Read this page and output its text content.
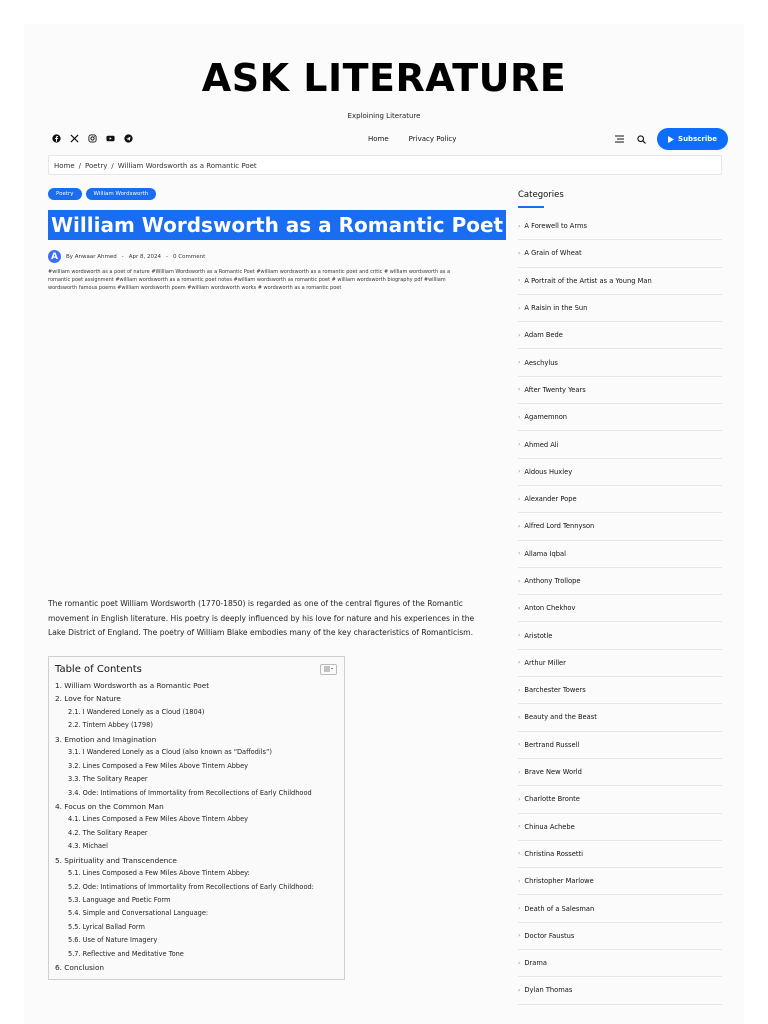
ASK LITERATURE
Exploining Literature
Home	Privacy Policy	Subscribe
Home / Poetry / William Wordsworth as a Romantic Poet
Poetry	William Wordsworth
William Wordsworth as a Romantic Poet
A	By Anwaar Ahmed - Apr 8, 2024 - 0 Comment
#william wordsworth as a poet of nature #William Wordsworth as a Romantic Poet #william wordsworth as a romantic poet and critic # william wordsworth as a romantic poet assignment #william wordsworth as a romantic poet notes #william wordsworth as romantic poet # william wordsworth biography pdf #william wordsworth famous poems #william wordsworth poem #william wordsworth works # wordsworth as a romantic poet
The romantic poet William Wordsworth (1770-1850) is regarded as one of the central figures of the Romantic movement in English literature. His poetry is deeply influenced by his love for nature and his experiences in the Lake District of England. The poetry of William Blake embodies many of the key characteristics of Romanticism.
Table of Contents
1. William Wordsworth as a Romantic Poet
2. Love for Nature
2.1. I Wandered Lonely as a Cloud (1804)
2.2. Tintern Abbey (1798)
3. Emotion and Imagination
3.1. I Wandered Lonely as a Cloud (also known as “Daffodils”)
3.2. Lines Composed a Few Miles Above Tintern Abbey
3.3. The Solitary Reaper
3.4. Ode: Intimations of Immortality from Recollections of Early Childhood
4. Focus on the Common Man
4.1. Lines Composed a Few Miles Above Tintern Abbey
4.2. The Solitary Reaper
4.3. Michael
5. Spirituality and Transcendence
5.1. Lines Composed a Few Miles Above Tintern Abbey:
5.2. Ode: Intimations of Immortality from Recollections of Early Childhood:
5.3. Language and Poetic Form
5.4. Simple and Conversational Language:
5.5. Lyrical Ballad Form
5.6. Use of Nature Imagery
5.7. Reflective and Meditative Tone
6. Conclusion
Categories
› A Forewell to Arms
› A Grain of Wheat
› A Portrait of the Artist as a Young Man
› A Raisin in the Sun
› Adam Bede
› Aeschylus
› After Twenty Years
› Agamemnon
› Ahmed Ali
› Aldous Huxley
› Alexander Pope
› Alfred Lord Tennyson
› Allama Iqbal
› Anthony Trollope
› Anton Chekhov
› Aristotle
› Arthur Miller
› Barchester Towers
› Beauty and the Beast
› Bertrand Russell
› Brave New World
› Charlotte Bronte
› Chinua Achebe
› Christina Rossetti
› Christopher Marlowe
› Death of a Salesman
› Doctor Faustus
› Drama
› Dylan Thomas
